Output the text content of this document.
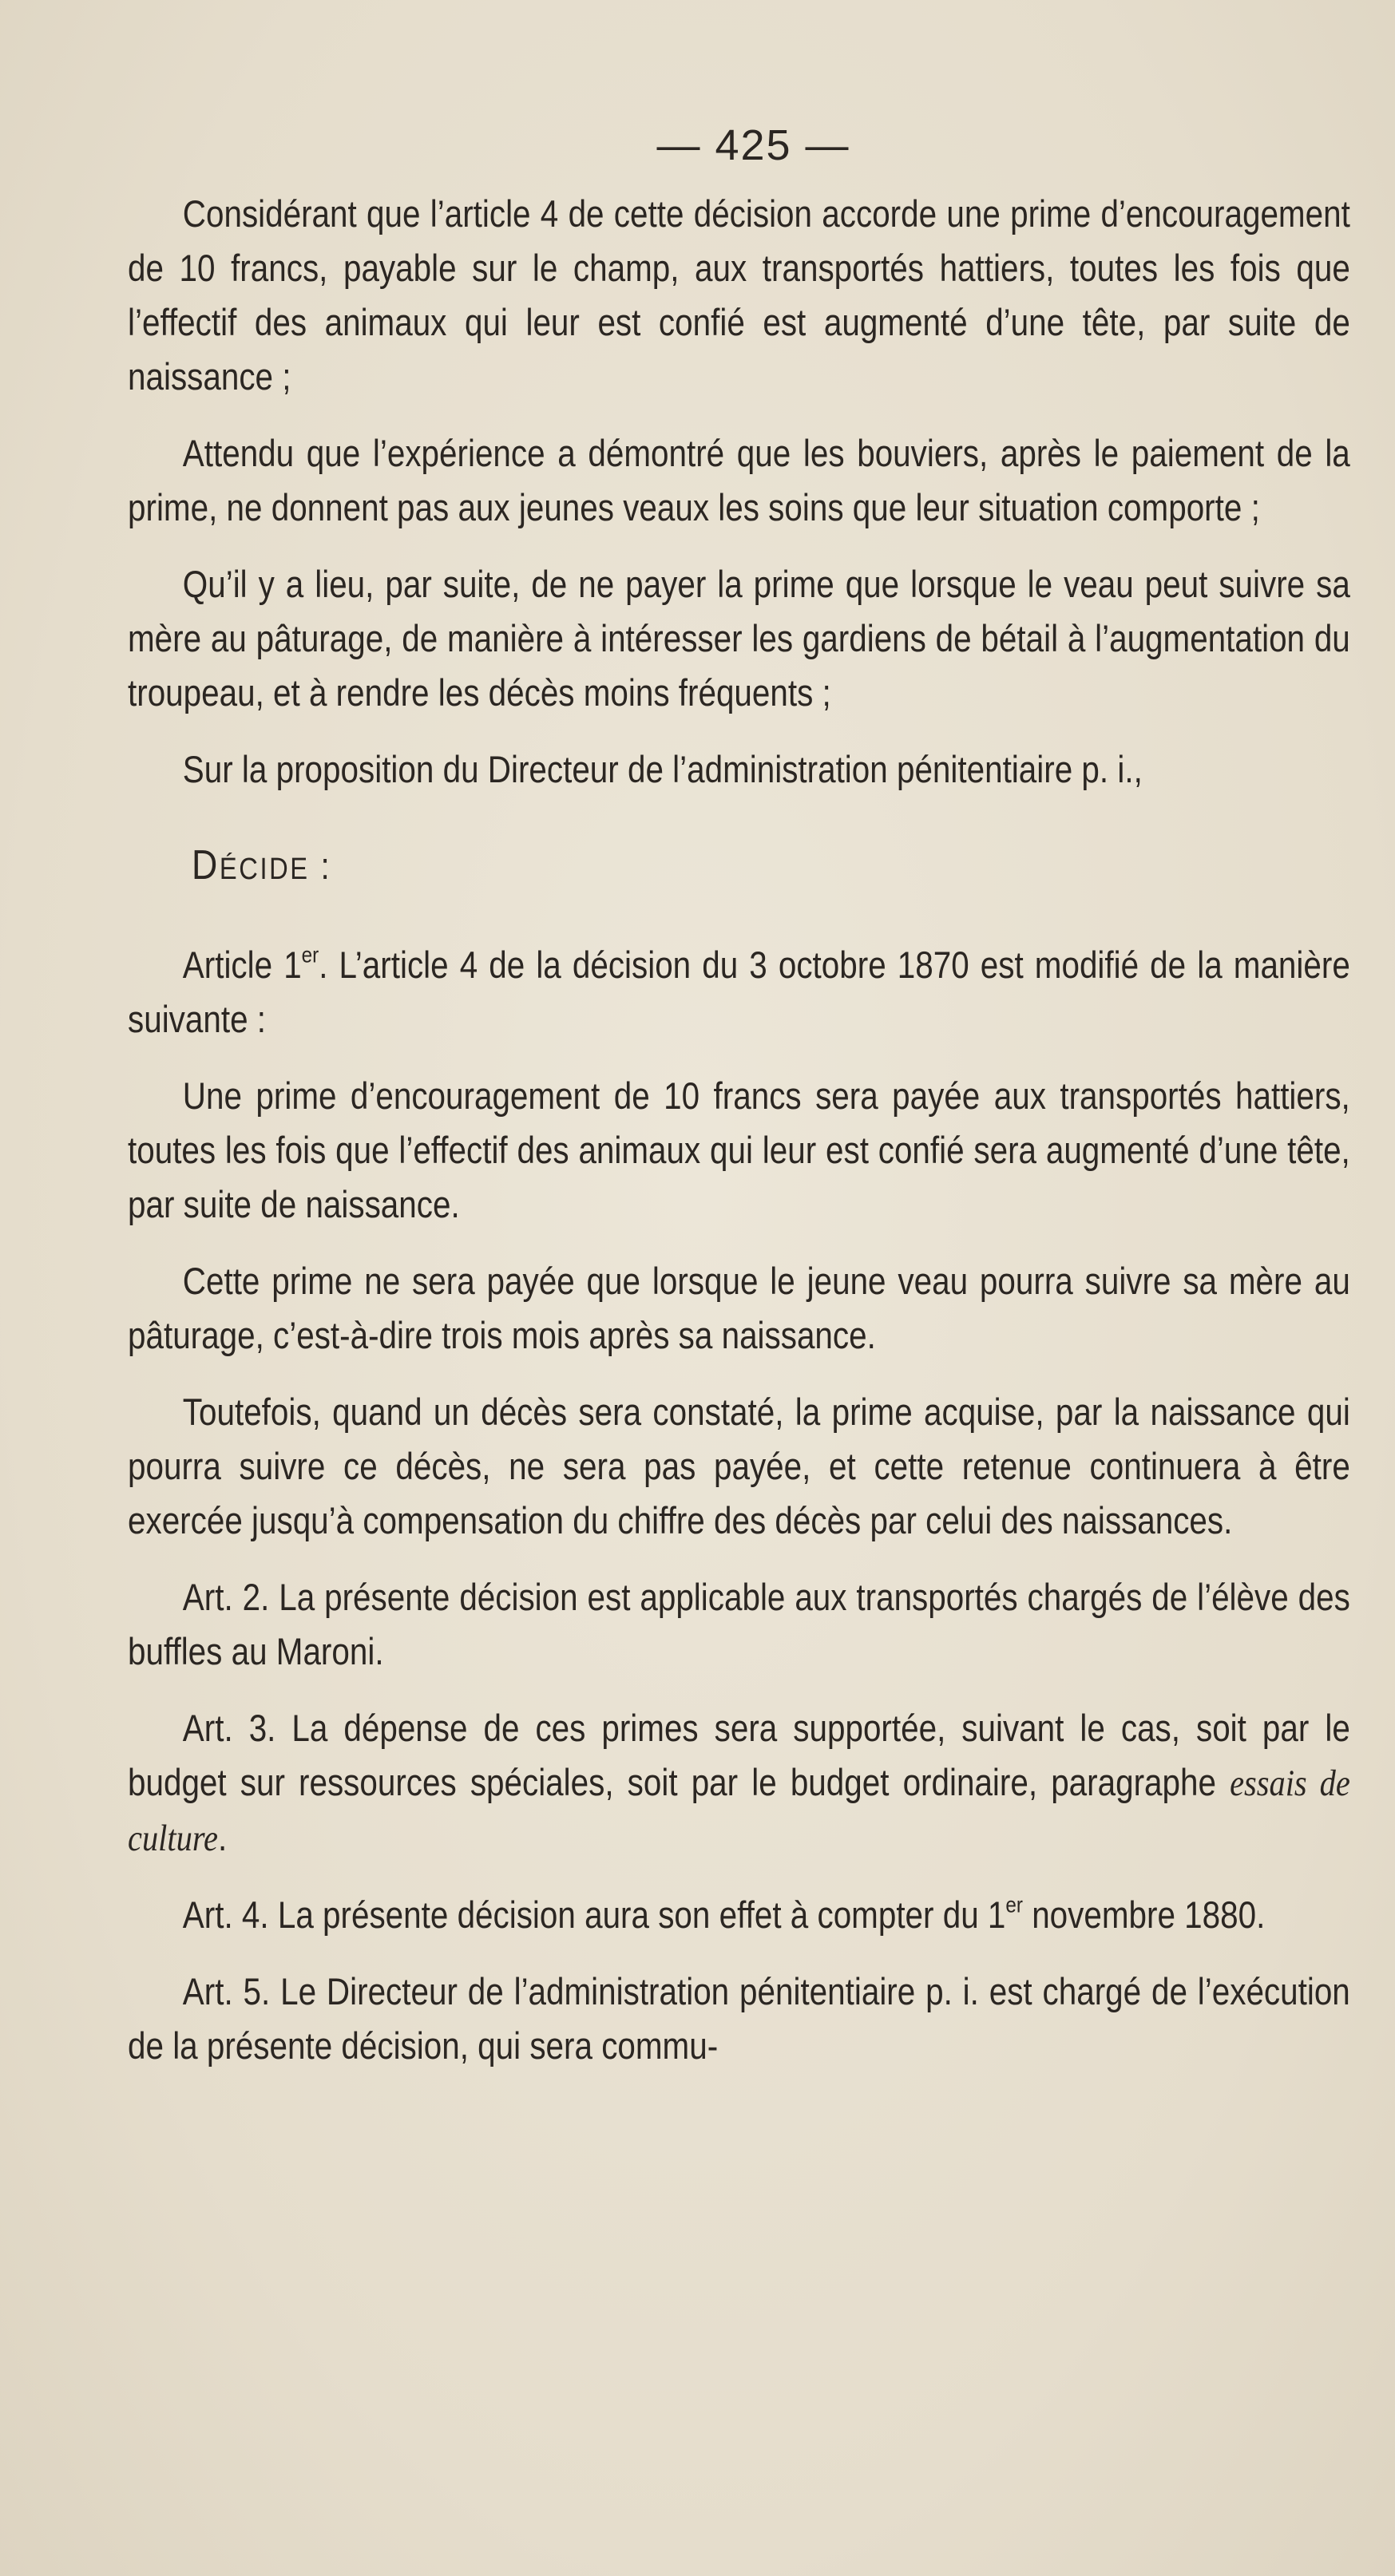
— 425 —

Considérant que l’article 4 de cette décision accorde une prime d’encouragement de 10 francs, payable sur le champ, aux transportés hattiers, toutes les fois que l’effectif des animaux qui leur est confié est augmenté d’une tête, par suite de naissance ;

Attendu que l’expérience a démontré que les bouviers, après le paiement de la prime, ne donnent pas aux jeunes veaux les soins que leur situation comporte ;

Qu’il y a lieu, par suite, de ne payer la prime que lorsque le veau peut suivre sa mère au pâturage, de manière à intéresser les gardiens de bétail à l’augmentation du troupeau, et à rendre les décès moins fréquents ;

Sur la proposition du Directeur de l’administration pénitentiaire p. i.,

DÉCIDE :

Article 1er. L’article 4 de la décision du 3 octobre 1870 est modifié de la manière suivante :

Une prime d’encouragement de 10 francs sera payée aux transportés hattiers, toutes les fois que l’effectif des animaux qui leur est confié sera augmenté d’une tête, par suite de naissance.

Cette prime ne sera payée que lorsque le jeune veau pourra suivre sa mère au pâturage, c’est-à-dire trois mois après sa naissance.

Toutefois, quand un décès sera constaté, la prime acquise, par la naissance qui pourra suivre ce décès, ne sera pas payée, et cette retenue continuera à être exercée jusqu’à compensation du chiffre des décès par celui des naissances.

Art. 2. La présente décision est applicable aux transportés chargés de l’élève des buffles au Maroni.

Art. 3. La dépense de ces primes sera supportée, suivant le cas, soit par le budget sur ressources spéciales, soit par le budget ordinaire, paragraphe essais de culture.

Art. 4. La présente décision aura son effet à compter du 1er novembre 1880.

Art. 5. Le Directeur de l’administration pénitentiaire p. i. est chargé de l’exécution de la présente décision, qui sera commu-
